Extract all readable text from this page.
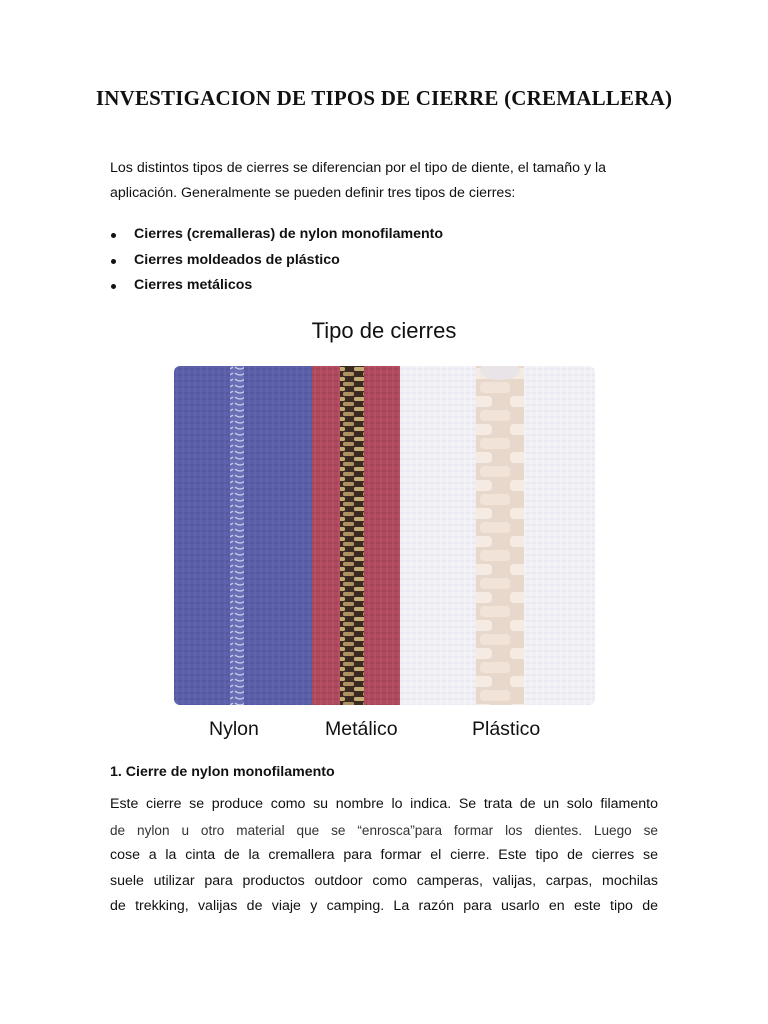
INVESTIGACION DE TIPOS DE CIERRE (CREMALLERA)

Los distintos tipos de cierres se diferencian por el tipo de diente, el tamaño y la aplicación. Generalmente se pueden definir tres tipos de cierres:

Cierres (cremalleras) de nylon monofilamento
Cierres moldeados de plástico
Cierres metálicos
Tipo de cierres
Nylon	Metálico	Plástico
1. Cierre de nylon monofilamento
Este cierre se produce como su nombre lo indica. Se trata de un solo filamento
de nylon u otro material que se “enrosca”para formar los dientes. Luego se
cose a la cinta de la cremallera para formar el cierre. Este tipo de cierres se
suele utilizar para productos outdoor como camperas, valijas, carpas, mochilas
de trekking, valijas de viaje y camping. La razón para usarlo en este tipo de
